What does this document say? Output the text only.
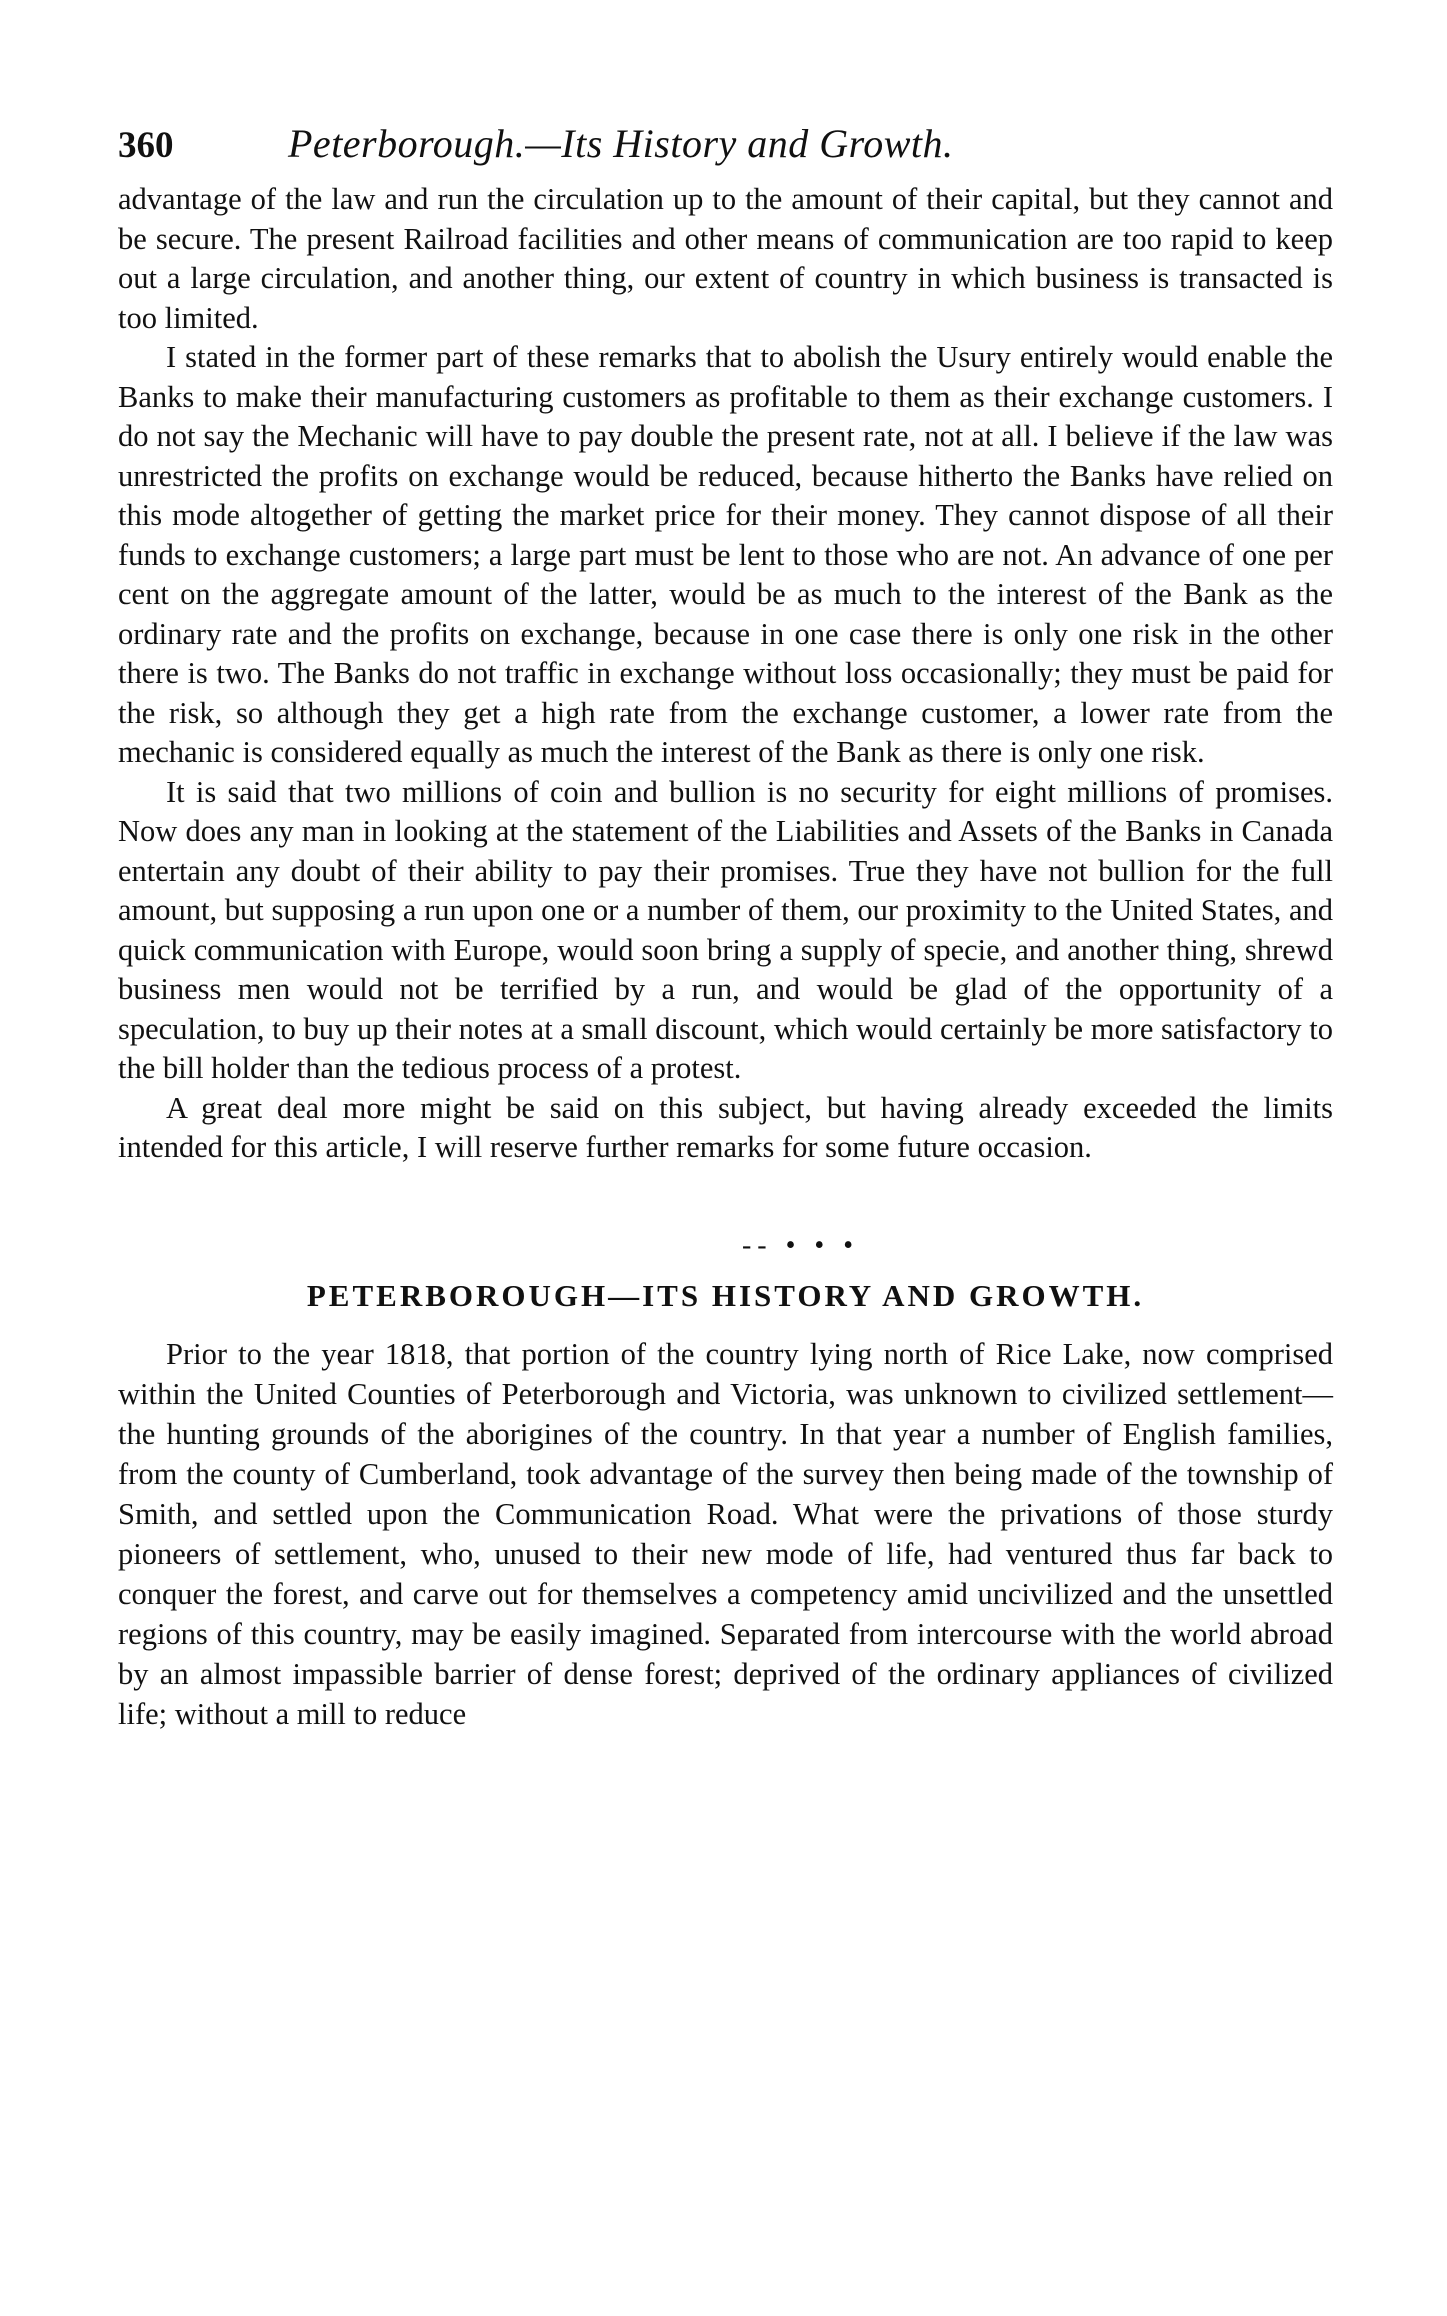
360	Peterborough.—Its History and Growth.

advantage of the law and run the circulation up to the amount of their capital, but they cannot and be secure. The present Railroad facilities and other means of communication are too rapid to keep out a large circulation, and another thing, our extent of country in which business is transacted is too limited.

I stated in the former part of these remarks that to abolish the Usury entirely would enable the Banks to make their manufacturing customers as profitable to them as their exchange customers. I do not say the Mechanic will have to pay double the present rate, not at all. I believe if the law was unrestricted the profits on exchange would be reduced, because hitherto the Banks have relied on this mode altogether of getting the market price for their money. They cannot dispose of all their funds to exchange customers; a large part must be lent to those who are not. An advance of one per cent on the aggregate amount of the latter, would be as much to the interest of the Bank as the ordinary rate and the profits on exchange, because in one case there is only one risk in the other there is two. The Banks do not traffic in exchange without loss occasionally; they must be paid for the risk, so although they get a high rate from the exchange customer, a lower rate from the mechanic is considered equally as much the interest of the Bank as there is only one risk.

It is said that two millions of coin and bullion is no security for eight millions of promises. Now does any man in looking at the statement of the Liabilities and Assets of the Banks in Canada entertain any doubt of their ability to pay their promises. True they have not bullion for the full amount, but supposing a run upon one or a number of them, our proximity to the United States, and quick communication with Europe, would soon bring a supply of specie, and another thing, shrewd business men would not be terrified by a run, and would be glad of the opportunity of a speculation, to buy up their notes at a small discount, which would certainly be more satisfactory to the bill holder than the tedious process of a protest.

A great deal more might be said on this subject, but having already exceeded the limits intended for this article, I will reserve further remarks for some future occasion.

-- • • •
PETERBOROUGH—ITS HISTORY AND GROWTH.

Prior to the year 1818, that portion of the country lying north of Rice Lake, now comprised within the United Counties of Peterborough and Victoria, was unknown to civilized settlement—the hunting grounds of the aborigines of the country. In that year a number of English families, from the county of Cumberland, took advantage of the survey then being made of the township of Smith, and settled upon the Communication Road. What were the privations of those sturdy pioneers of settlement, who, unused to their new mode of life, had ventured thus far back to conquer the forest, and carve out for themselves a competency amid uncivilized and the unsettled regions of this country, may be easily imagined. Separated from intercourse with the world abroad by an almost impassible barrier of dense forest; deprived of the ordinary appliances of civilized life; without a mill to reduce
